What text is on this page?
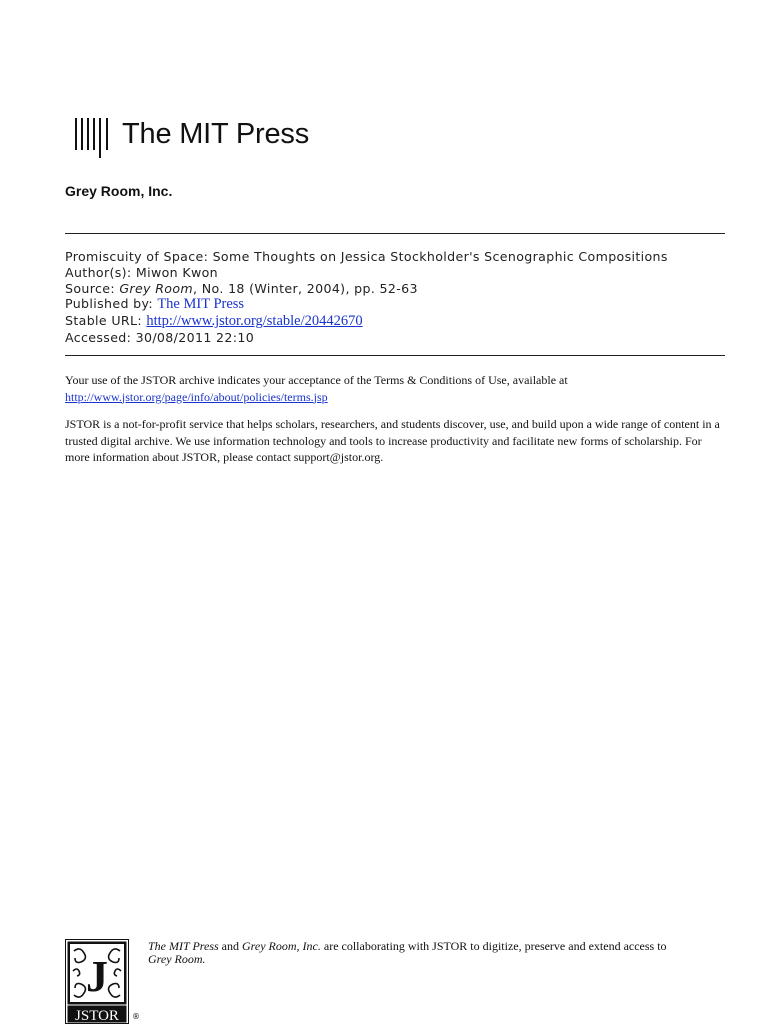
The MIT Press
Grey Room, Inc.
Promiscuity of Space: Some Thoughts on Jessica Stockholder's Scenographic Compositions
Author(s): Miwon Kwon
Source: Grey Room, No. 18 (Winter, 2004), pp. 52-63
Published by: The MIT Press
Stable URL: http://www.jstor.org/stable/20442670
Accessed: 30/08/2011 22:10

Your use of the JSTOR archive indicates your acceptance of the Terms & Conditions of Use, available at
http://www.jstor.org/page/info/about/policies/terms.jsp

JSTOR is a not-for-profit service that helps scholars, researchers, and students discover, use, and build upon a wide range of content in a trusted digital archive. We use information technology and tools to increase productivity and facilitate new forms of scholarship. For more information about JSTOR, please contact support@jstor.org.

J
JSTOR ®
The MIT Press and Grey Room, Inc. are collaborating with JSTOR to digitize, preserve and extend access to
Grey Room.
